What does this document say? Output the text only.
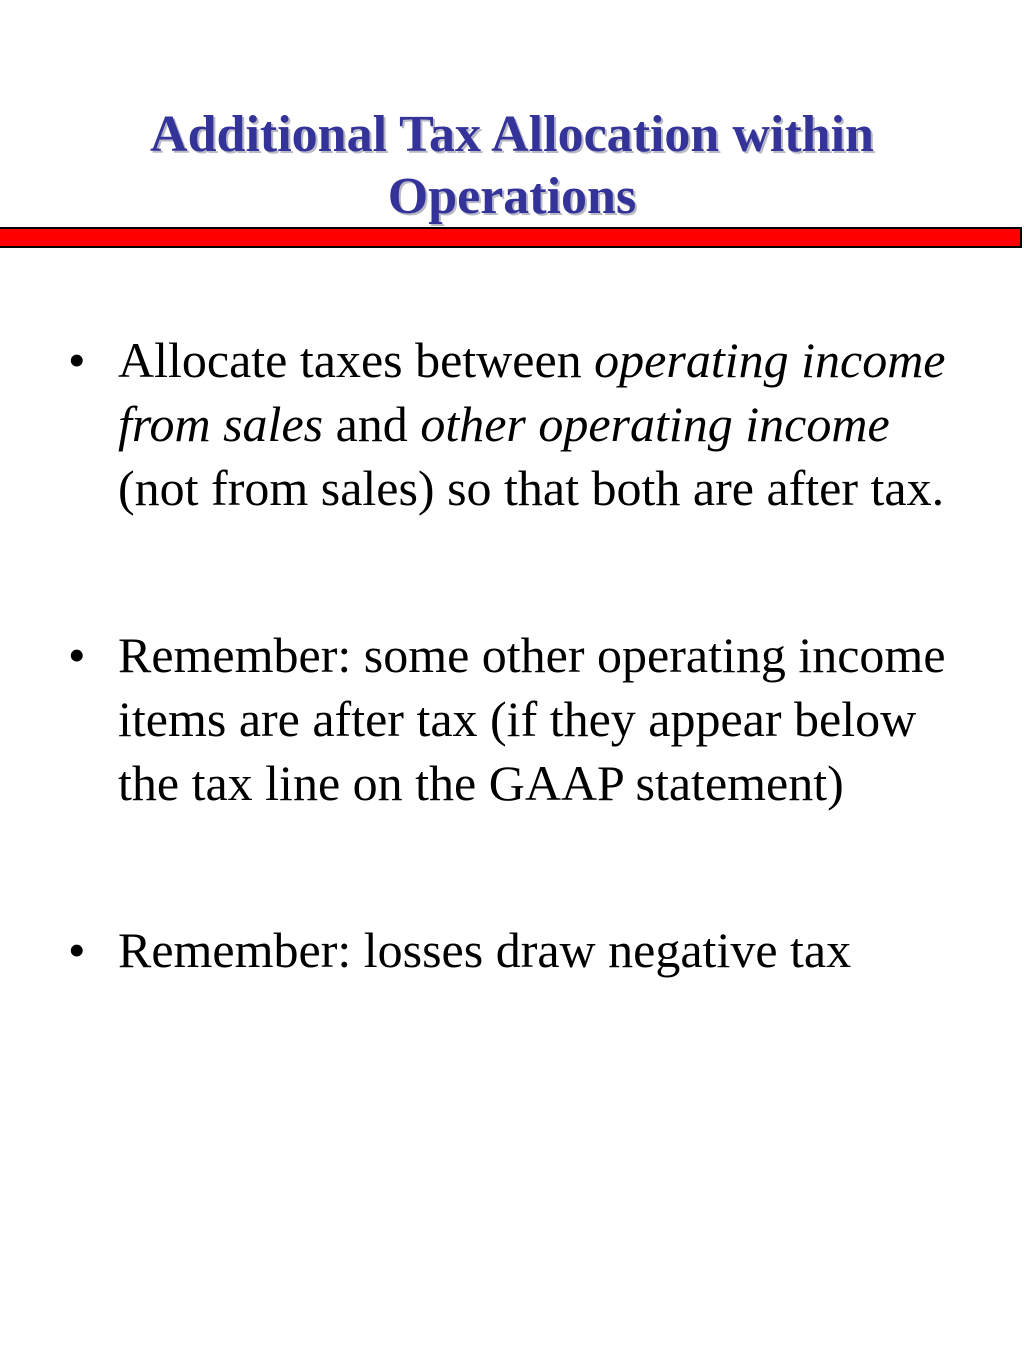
Additional Tax Allocation within
Operations
• Allocate taxes between operating income from sales and other operating income (not from sales) so that both are after tax.
• Remember: some other operating income items are after tax (if they appear below the tax line on the GAAP statement)
• Remember: losses draw negative tax
